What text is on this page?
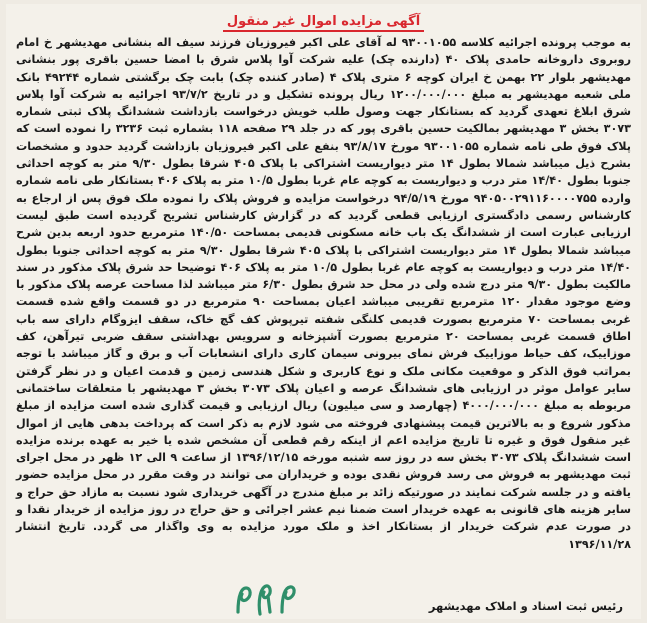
آگهی مزایده اموال غیر منقول
به موجب پرونده اجرائیه کلاسه ۹۳۰۰۱۰۵۵ له آقای علی اکبر فیروزیان فرزند سیف اله بنشانی مهدیشهر خ امام روبروی داروخانه حامدی پلاک ۴۰ (دارنده چک) علیه شرکت آوا پلاس شرق با امضا حسین باقری پور بنشانی مهدیشهر بلوار ۲۲ بهمن خ ایران کوچه ۶ متری پلاک ۴ (صادر کننده چک) بابت چک برگشتی شماره ۴۹۲۴۴ بانک ملی شعبه مهدیشهر به مبلغ ۱۲۰۰/۰۰۰/۰۰۰ ریال پرونده تشکیل و در تاریخ ۹۳/۷/۲ اجرائیه به شرکت آوا پلاس شرق ابلاغ تعهدی گردید که بستانکار جهت وصول طلب خویش درخواست بازداشت ششدانگ پلاک ثبتی شماره ۳۰۷۳ بخش ۳ مهدیشهر بمالکیت حسین باقری پور که در جلد ۲۹ صفحه ۱۱۸ بشماره ثبت ۳۲۳۶ را نموده است که پلاک فوق طی نامه شماره ۹۳۰۰۱۰۵۵ مورخ ۹۳/۸/۱۷ بنفع علی اکبر فیروزیان بازداشت گردید حدود و مشخصات بشرح ذیل میباشد شمالا بطول ۱۴ متر دیواریست اشتراکی با پلاک ۴۰۵ شرقا بطول ۹/۳۰ متر به کوچه احداثی جنوبا بطول ۱۴/۴۰ متر درب و دیواریست به کوچه عام غربا بطول ۱۰/۵ متر به پلاک ۴۰۶ بستانکار طی نامه شماره وارده ۹۴۰۵۰۰۲۹۱۱۶۰۰۰۰۷۵۵ مورخ ۹۴/۵/۱۹ درخواست مزایده و فروش پلاک را نموده ملک فوق پس از ارجاع به کارشناس رسمی دادگستری ارزیابی قطعی گردید که در گزارش کارشناس تشریح گردیده است طبق لیست ارزیابی عبارت است از ششدانگ یک باب خانه مسکونی قدیمی بمساحت ۱۴۰/۵۰ مترمربع حدود اربعه بدین شرح میباشد شمالا بطول ۱۴ متر دیواریست اشتراکی با پلاک ۴۰۵ شرقا بطول ۹/۳۰ متر به کوچه احداثی جنوبا بطول ۱۴/۴۰ متر درب و دیواریست به کوچه عام غربا بطول ۱۰/۵ متر به پلاک ۴۰۶ توضیحا حد شرق پلاک مذکور در سند مالکیت بطول ۹/۳۰ متر درج شده ولی در محل حد شرق بطول ۶/۳۰ متر میباشد لذا مساحت عرصه پلاک مذکور با وضع موجود مقدار ۱۲۰ مترمربع تقریبی میباشد اعیان بمساحت ۹۰ مترمربع در دو قسمت واقع شده قسمت غربی بمساحت ۷۰ مترمربع بصورت قدیمی کلنگی شفته تیرپوش کف گچ خاک، سقف ایزوگام دارای سه باب اطاق قسمت غربی بمساحت ۲۰ مترمربع بصورت آشپزخانه و سرویس بهداشتی سقف ضربی تیرآهن، کف موزاییک، کف حیاط موزاییک فرش نمای بیرونی سیمان کاری دارای انشعابات آب و برق و گاز میباشد با توجه بمراتب فوق الذکر و موقعیت مکانی ملک و نوع کاربری و شکل هندسی زمین و قدمت اعیان و در نظر گرفتن سایر عوامل موثر در ارزیابی های ششدانگ عرصه و اعیان پلاک ۳۰۷۳ بخش ۳ مهدیشهر با متعلقات ساختمانی مربوطه به مبلغ ۴۰۰۰/۰۰۰/۰۰۰ (چهارصد و سی میلیون) ریال ارزیابی و قیمت گذاری شده است مزایده از مبلغ مذکور شروع و به بالاترین قیمت پیشنهادی فروخته می شود لازم به ذکر است که پرداخت بدهی هایی از اموال غیر منقول فوق و غیره تا تاریخ مزایده اعم از اینکه رقم قطعی آن مشخص شده یا خیر به عهده برنده مزایده است ششدانگ پلاک ۳۰۷۳ بخش سه در روز سه شنبه مورخه ۱۳۹۶/۱۲/۱۵ از ساعت ۹ الی ۱۲ ظهر در محل اجرای ثبت مهدیشهر به فروش می رسد فروش نقدی بوده و خریداران می توانند در وقت مقرر در محل مزایده حضور یافته و در جلسه شرکت نمایند در صورتیکه زائد بر مبلغ مندرج در آگهی خریداری شود نسبت به مازاد حق حراج و سایر هزینه های قانونی به عهده خریدار است ضمنا نیم عشر اجرائی و حق حراج در روز مزایده از خریدار نقدا و در صورت عدم شرکت خریدار از بستانکار اخذ و ملک مورد مزایده به وی واگذار می گردد. تاریخ انتشار ۱۳۹۶/۱۱/۲۸
رئیس ثبت اسناد و املاک مهدیشهر
